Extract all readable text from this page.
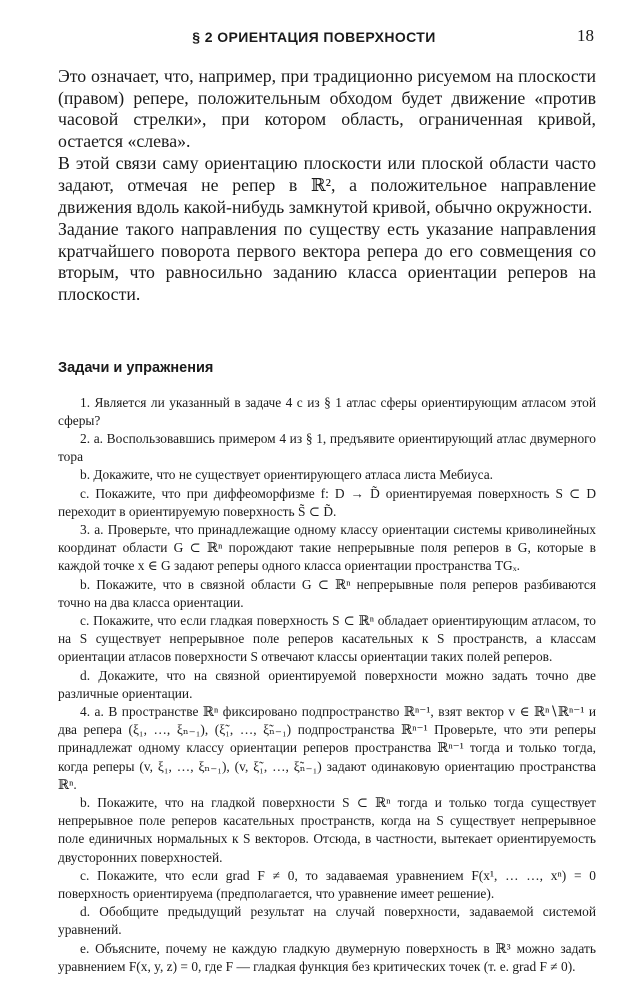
§ 2 ОРИЕНТАЦИЯ ПОВЕРХНОСТИ	18

Это означает, что, например, при традиционно рисуемом на плоскости (правом) репере, положительным обходом будет движение «против часовой стрелки», при котором область, ограниченная кривой, остается «слева».

В этой связи саму ориентацию плоскости или плоской области часто задают, отмечая не репер в ℝ², а положительное направление движения вдоль какой-нибудь замкнутой кривой, обычно окружности.

Задание такого направления по существу есть указание направления кратчайшего поворота первого вектора репера до его совмещения со вторым, что равносильно заданию класса ориентации реперов на плоскости.

Задачи и упражнения

1. Является ли указанный в задаче 4 с из § 1 атлас сферы ориентирующим атласом этой сферы?

2. а. Воспользовавшись примером 4 из § 1, предъявите ориентирующий атлас двумерного тора

b. Докажите, что не существует ориентирующего атласа листа Мебиуса.

с. Покажите, что при диффеоморфизме f: D → D̃ ориентируемая поверхность S ⊂ D переходит в ориентируемую поверхность S̃ ⊂ D̃.

3. а. Проверьте, что принадлежащие одному классу ориентации системы криволинейных координат области G ⊂ ℝⁿ порождают такие непрерывные поля реперов в G, которые в каждой точке x ∈ G задают реперы одного класса ориентации пространства TGₓ.

b. Покажите, что в связной области G ⊂ ℝⁿ непрерывные поля реперов разбиваются точно на два класса ориентации.

с. Покажите, что если гладкая поверхность S ⊂ ℝⁿ обладает ориентирующим атласом, то на S существует непрерывное поле реперов касательных к S пространств, а классам ориентации атласов поверхности S отвечают классы ориентации таких полей реперов.

d. Докажите, что на связной ориентируемой поверхности можно задать точно две различные ориентации.

4. а. В пространстве ℝⁿ фиксировано подпространство ℝⁿ⁻¹, взят вектор v ∈ ℝⁿ∖ℝⁿ⁻¹ и два репера (ξ₁, …, ξₙ₋₁), (ξ̃₁, …, ξ̃ₙ₋₁) подпространства ℝⁿ⁻¹ Проверьте, что эти реперы принадлежат одному классу ориентации реперов пространства ℝⁿ⁻¹ тогда и только тогда, когда реперы (v, ξ₁, …, ξₙ₋₁), (v, ξ̃₁, …, ξ̃ₙ₋₁) задают одинаковую ориентацию пространства ℝⁿ.

b. Покажите, что на гладкой поверхности S ⊂ ℝⁿ тогда и только тогда существует непрерывное поле реперов касательных пространств, когда на S существует непрерывное поле единичных нормальных к S векторов. Отсюда, в частности, вытекает ориентируемость двусторонних поверхностей.

с. Покажите, что если grad F ≠ 0, то задаваемая уравнением F(x¹, … …, xⁿ) = 0 поверхность ориентируема (предполагается, что уравнение имеет решение).

d. Обобщите предыдущий результат на случай поверхности, задаваемой системой уравнений.

е. Объясните, почему не каждую гладкую двумерную поверхность в ℝ³ можно задать уравнением F(x, y, z) = 0, где F — гладкая функция без критических точек (т. е. grad F ≠ 0).
